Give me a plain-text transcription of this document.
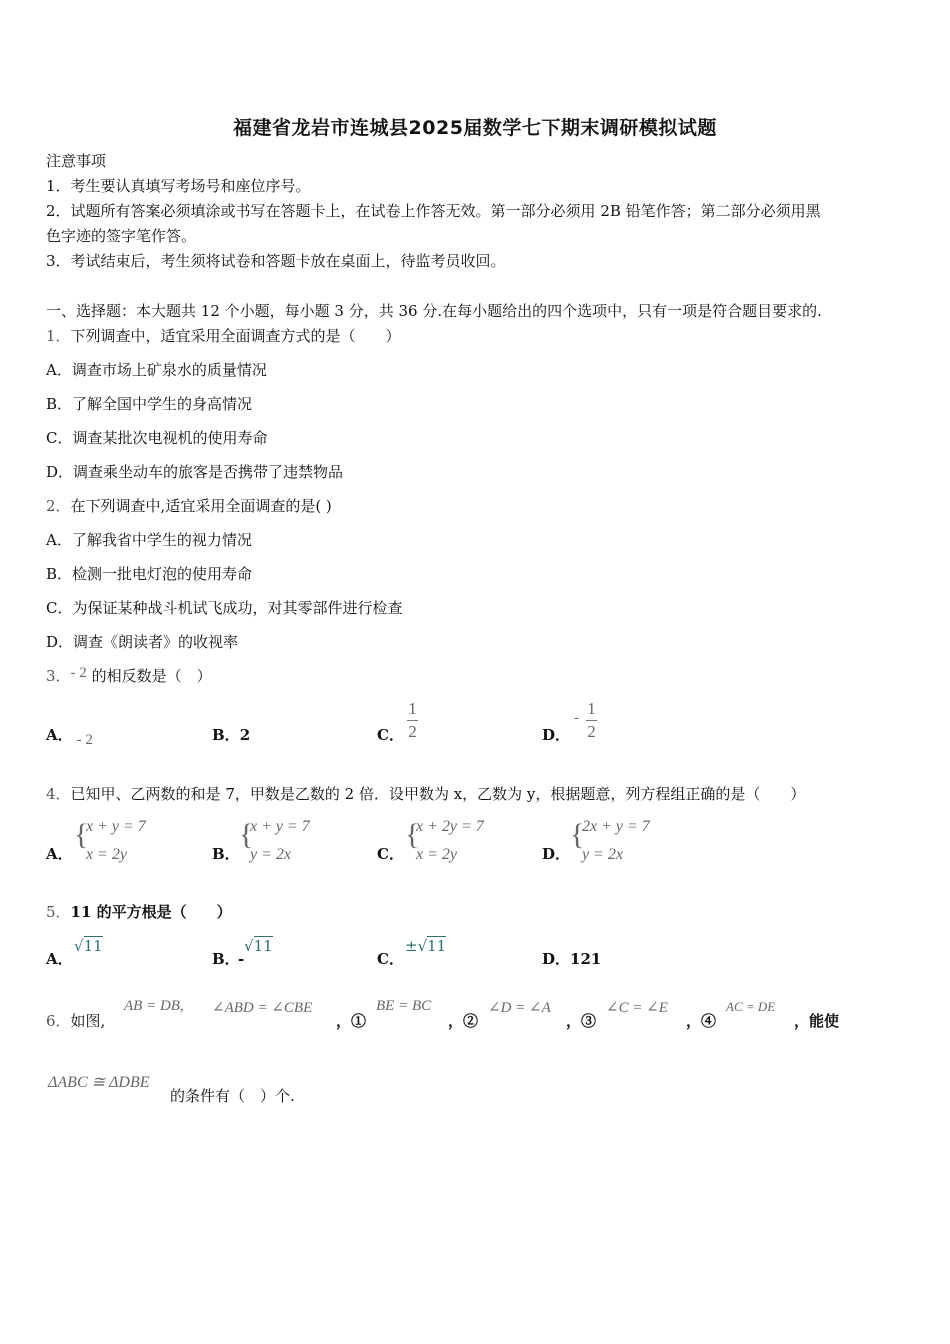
福建省龙岩市连城县2025届数学七下期末调研模拟试题
注意事项
1．考生要认真填写考场号和座位序号。
2．试题所有答案必须填涂或书写在答题卡上，在试卷上作答无效。第一部分必须用 2B 铅笔作答；第二部分必须用黑
色字迹的签字笔作答。
3．考试结束后，考生须将试卷和答题卡放在桌面上，待监考员收回。
一、选择题：本大题共 12 个小题，每小题 3 分，共 36 分.在每小题给出的四个选项中，只有一项是符合题目要求的.
1．下列调查中，适宜采用全面调查方式的是（　　）
A．调查市场上矿泉水的质量情况
B．了解全国中学生的身高情况
C．调查某批次电视机的使用寿命
D．调查乘坐动车的旅客是否携带了违禁物品
2．在下列调查中,适宜采用全面调查的是( )
A．了解我省中学生的视力情况
B．检测一批电灯泡的使用寿命
C．为保证某种战斗机试飞成功，对其零部件进行检查
D．调查《朗读者》的收视率
3．- 2 的相反数是（　）
A． - 2	B．2	C． $\frac{1}{2}$	D．
- $\frac{1}{2}$
4．已知甲、乙两数的和是 7，甲数是乙数的 2 倍．设甲数为 x，乙数为 y，根据题意，列方程组正确的是（　　）
A．
{
x + y = 7
x = 2y	B．
{
x + y = 7
y = 2x	C．
{
x + 2y = 7
x = 2y	D．
{
2x + y = 7
y = 2x
5．11 的平方根是（　　）
A．
√11
B．
-
√11
C．
±√11
D．121
6．如图,
AB = DB, ∠ABD = ∠CBE
，①
BE = BC
，②
∠D = ∠A
，③
∠C = ∠E
，④
AC = DE
，能使
ΔABC ≅ ΔDBE
的条件有（　）个.
